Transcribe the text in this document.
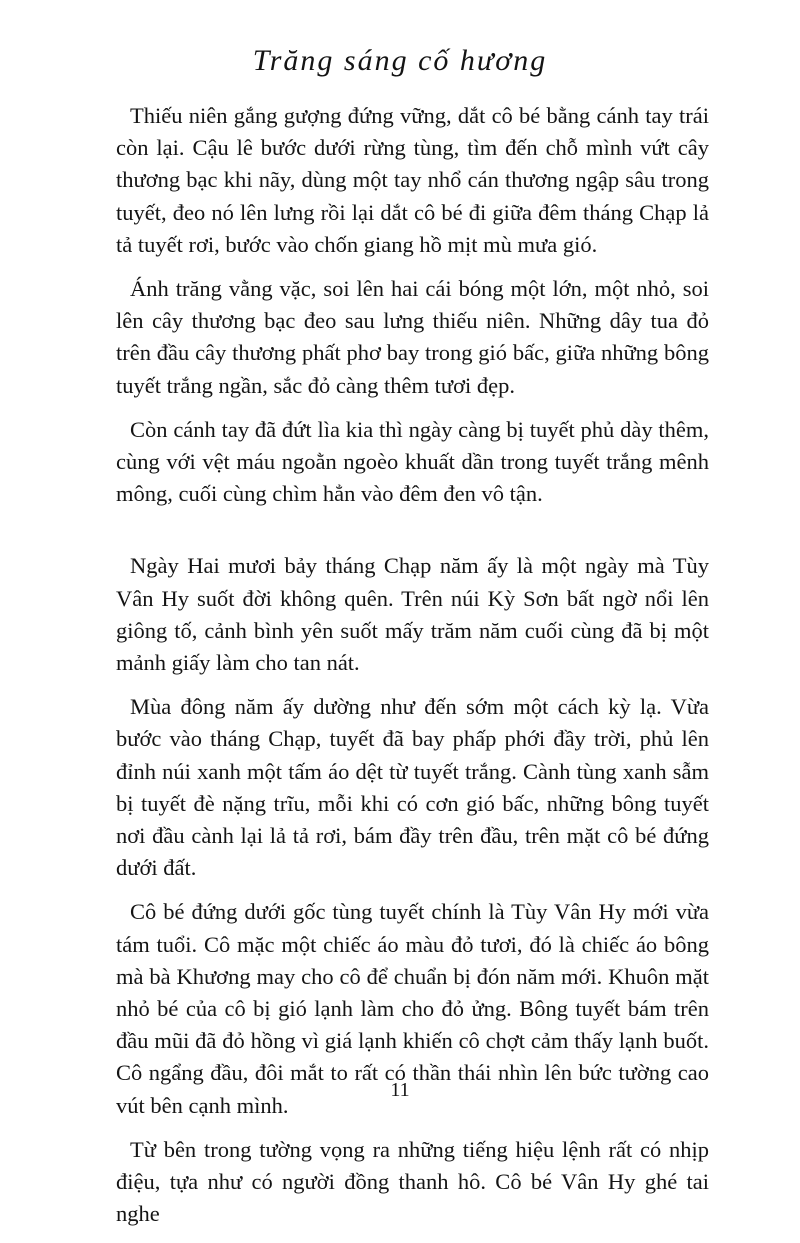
Trăng sáng cố hương

Thiếu niên gắng gượng đứng vững, dắt cô bé bằng cánh tay trái còn lại. Cậu lê bước dưới rừng tùng, tìm đến chỗ mình vứt cây thương bạc khi nãy, dùng một tay nhổ cán thương ngập sâu trong tuyết, đeo nó lên lưng rồi lại dắt cô bé đi giữa đêm tháng Chạp lả tả tuyết rơi, bước vào chốn giang hồ mịt mù mưa gió.

Ánh trăng vằng vặc, soi lên hai cái bóng một lớn, một nhỏ, soi lên cây thương bạc đeo sau lưng thiếu niên. Những dây tua đỏ trên đầu cây thương phất phơ bay trong gió bấc, giữa những bông tuyết trắng ngần, sắc đỏ càng thêm tươi đẹp.

Còn cánh tay đã đứt lìa kia thì ngày càng bị tuyết phủ dày thêm, cùng với vệt máu ngoằn ngoèo khuất dần trong tuyết trắng mênh mông, cuối cùng chìm hẳn vào đêm đen vô tận.

Ngày Hai mươi bảy tháng Chạp năm ấy là một ngày mà Tùy Vân Hy suốt đời không quên. Trên núi Kỳ Sơn bất ngờ nổi lên giông tố, cảnh bình yên suốt mấy trăm năm cuối cùng đã bị một mảnh giấy làm cho tan nát.

Mùa đông năm ấy dường như đến sớm một cách kỳ lạ. Vừa bước vào tháng Chạp, tuyết đã bay phấp phới đầy trời, phủ lên đỉnh núi xanh một tấm áo dệt từ tuyết trắng. Cành tùng xanh sẫm bị tuyết đè nặng trĩu, mỗi khi có cơn gió bấc, những bông tuyết nơi đầu cành lại lả tả rơi, bám đầy trên đầu, trên mặt cô bé đứng dưới đất.

Cô bé đứng dưới gốc tùng tuyết chính là Tùy Vân Hy mới vừa tám tuổi. Cô mặc một chiếc áo màu đỏ tươi, đó là chiếc áo bông mà bà Khương may cho cô để chuẩn bị đón năm mới. Khuôn mặt nhỏ bé của cô bị gió lạnh làm cho đỏ ửng. Bông tuyết bám trên đầu mũi đã đỏ hồng vì giá lạnh khiến cô chợt cảm thấy lạnh buốt. Cô ngẩng đầu, đôi mắt to rất có thần thái nhìn lên bức tường cao vút bên cạnh mình.

Từ bên trong tường vọng ra những tiếng hiệu lệnh rất có nhịp điệu, tựa như có người đồng thanh hô. Cô bé Vân Hy ghé tai nghe

11
